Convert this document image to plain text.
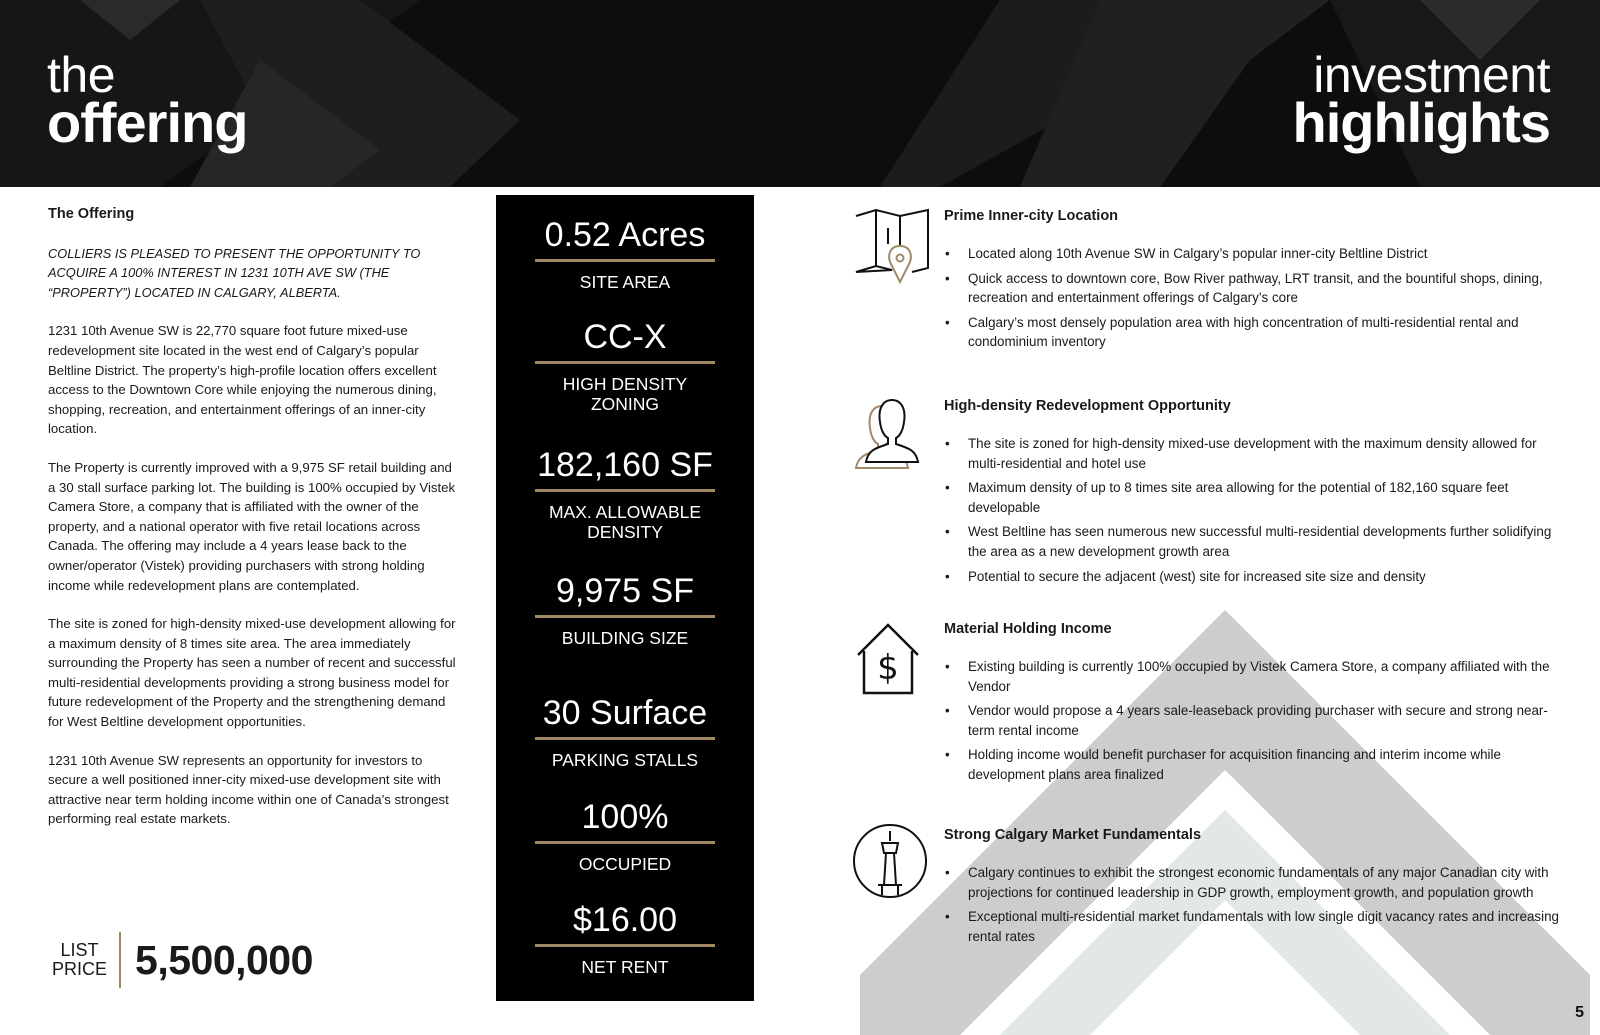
the
offering
investment
highlights
The Offering
COLLIERS IS PLEASED TO PRESENT THE OPPORTUNITY TO ACQUIRE A 100% INTEREST IN 1231 10TH AVE SW (THE “PROPERTY”) LOCATED IN CALGARY, ALBERTA.
1231 10th Avenue SW is 22,770 square foot future mixed-use redevelopment site located in the west end of Calgary’s popular Beltline District. The property’s high-profile location offers excellent access to the Downtown Core while enjoying the numerous dining, shopping, recreation, and entertainment offerings of an inner-city location.
The Property is currently improved with a 9,975 SF retail building and a 30 stall surface parking lot. The building is 100% occupied by Vistek Camera Store, a company that is affiliated with the owner of the property, and a national operator with five retail locations across Canada. The offering may include a 4 years lease back to the owner/operator (Vistek) providing purchasers with strong holding income while redevelopment plans are contemplated.
The site is zoned for high-density mixed-use development allowing for a maximum density of 8 times site area. The area immediately surrounding the Property has seen a number of recent and successful multi-residential developments providing a strong business model for future redevelopment of the Property and the strengthening demand for West Beltline development opportunities.
1231 10th Avenue SW represents an opportunity for investors to secure a well positioned inner-city mixed-use development site with attractive near term holding income within one of Canada’s strongest performing real estate markets.
LIST
PRICE 5,500,000
0.52 Acres
SITE AREA
CC-X
HIGH DENSITY ZONING
182,160 SF
MAX. ALLOWABLE DENSITY
9,975 SF
BUILDING SIZE
30 Surface
PARKING STALLS
100%
OCCUPIED
$16.00
NET RENT
Prime Inner-city Location
• Located along 10th Avenue SW in Calgary’s popular inner-city Beltline District
• Quick access to downtown core, Bow River pathway, LRT transit, and the bountiful shops, dining, recreation and entertainment offerings of Calgary’s core
• Calgary’s most densely population area with high concentration of multi-residential rental and condominium inventory
High-density Redevelopment Opportunity
• The site is zoned for high-density mixed-use development with the maximum density allowed for multi-residential and hotel use
• Maximum density of up to 8 times site area allowing for the potential of 182,160 square feet developable
• West Beltline has seen numerous new successful multi-residential developments further solidifying the area as a new development growth area
• Potential to secure the adjacent (west) site for increased site size and density
$
Material Holding Income
• Existing building is currently 100% occupied by Vistek Camera Store, a company affiliated with the Vendor
• Vendor would propose a 4 years sale-leaseback providing purchaser with secure and strong near-term rental income
• Holding income would benefit purchaser for acquisition financing and interim income while development plans area finalized
Strong Calgary Market Fundamentals
• Calgary continues to exhibit the strongest economic fundamentals of any major Canadian city with projections for continued leadership in GDP growth, employment growth, and population growth
• Exceptional multi-residential market fundamentals with low single digit vacancy rates and increasing rental rates
5
